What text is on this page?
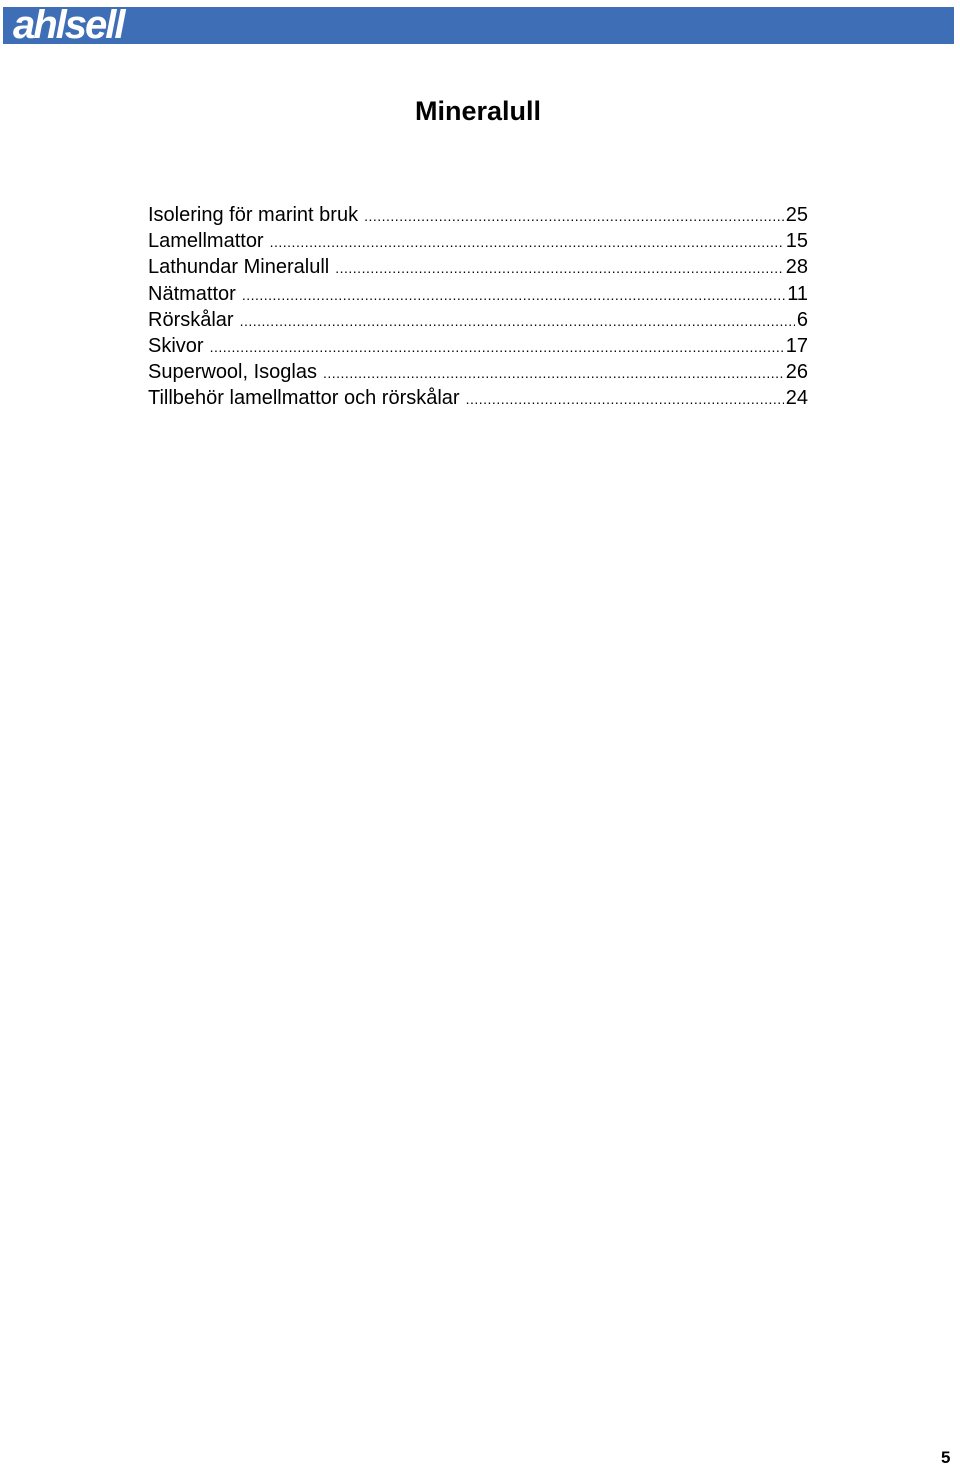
ahlsell
Mineralull
Isolering för marint bruk .....	25
Lamellmattor .....	15
Lathundar Mineralull .....	28
Nätmattor .....	11
Rörskålar .....	6
Skivor .....	17
Superwool, Isoglas .....	26
Tillbehör lamellmattor och rörskålar .....	24
5
